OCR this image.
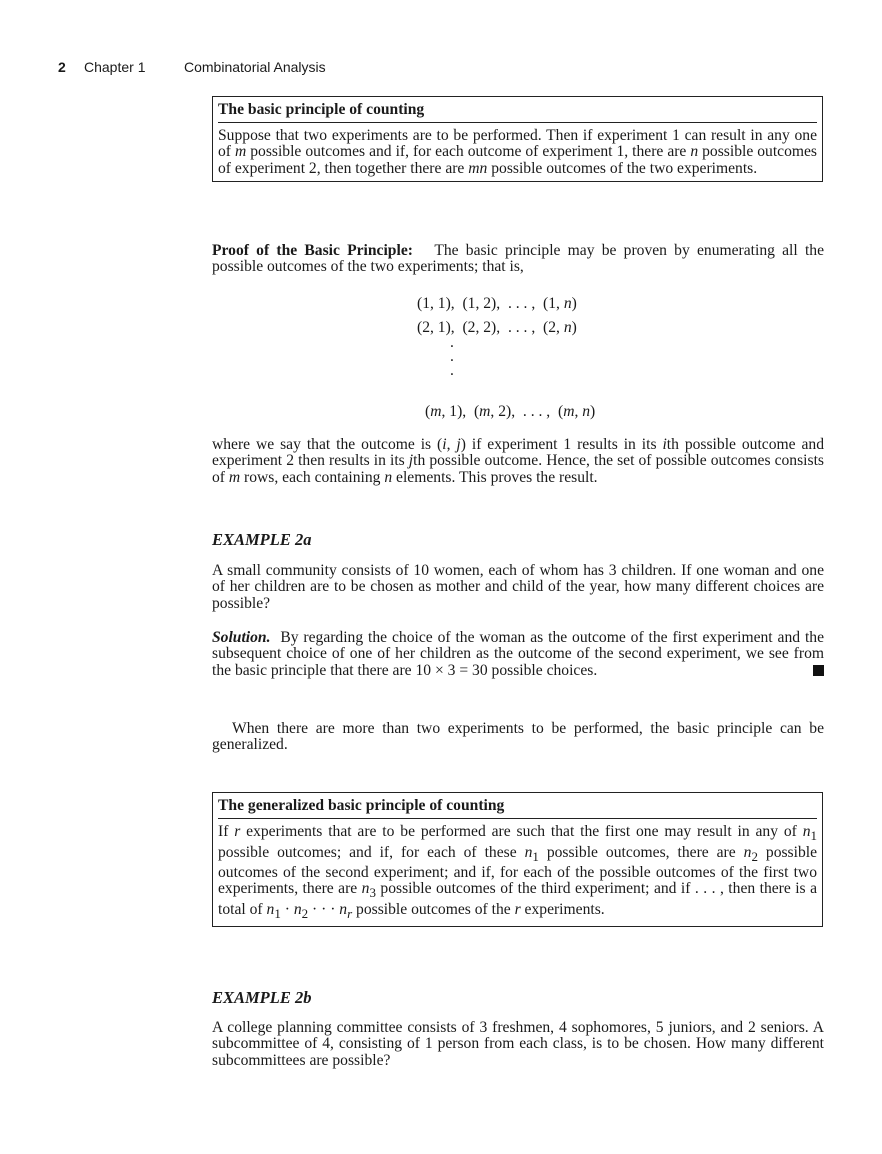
2 Chapter 1	Combinatorial Analysis
The basic principle of counting
Suppose that two experiments are to be performed. Then if experiment 1 can result in any one of m possible outcomes and if, for each outcome of experiment 1, there are n possible outcomes of experiment 2, then together there are mn possible outcomes of the two experiments.

Proof of the Basic Principle: The basic principle may be proven by enumerating all the possible outcomes of the two experiments; that is,

(1, 1),  (1, 2),  . . . ,  (1, n)
(2, 1),  (2, 2),  . . . ,  (2, n)
.
.
.
(m, 1),  (m, 2),  . . . ,  (m, n)

where we say that the outcome is (i, j) if experiment 1 results in its ith possible outcome and experiment 2 then results in its jth possible outcome. Hence, the set of possible outcomes consists of m rows, each containing n elements. This proves the result.

EXAMPLE 2a

A small community consists of 10 women, each of whom has 3 children. If one woman and one of her children are to be chosen as mother and child of the year, how many different choices are possible?

Solution. By regarding the choice of the woman as the outcome of the first experiment and the subsequent choice of one of her children as the outcome of the second experiment, we see from the basic principle that there are 10 × 3 = 30 possible choices.

When there are more than two experiments to be performed, the basic principle can be generalized.

The generalized basic principle of counting
If r experiments that are to be performed are such that the first one may result in any of $n_1$ possible outcomes; and if, for each of these $n_1$ possible outcomes, there are $n_2$ possible outcomes of the second experiment; and if, for each of the possible outcomes of the first two experiments, there are $n_3$ possible outcomes of the third experiment; and if . . . , then there is a total of $n_1 \cdot n_2$ · · · $n_r$ possible outcomes of the r experiments.
EXAMPLE 2b

A college planning committee consists of 3 freshmen, 4 sophomores, 5 juniors, and 2 seniors. A subcommittee of 4, consisting of 1 person from each class, is to be chosen. How many different subcommittees are possible?
